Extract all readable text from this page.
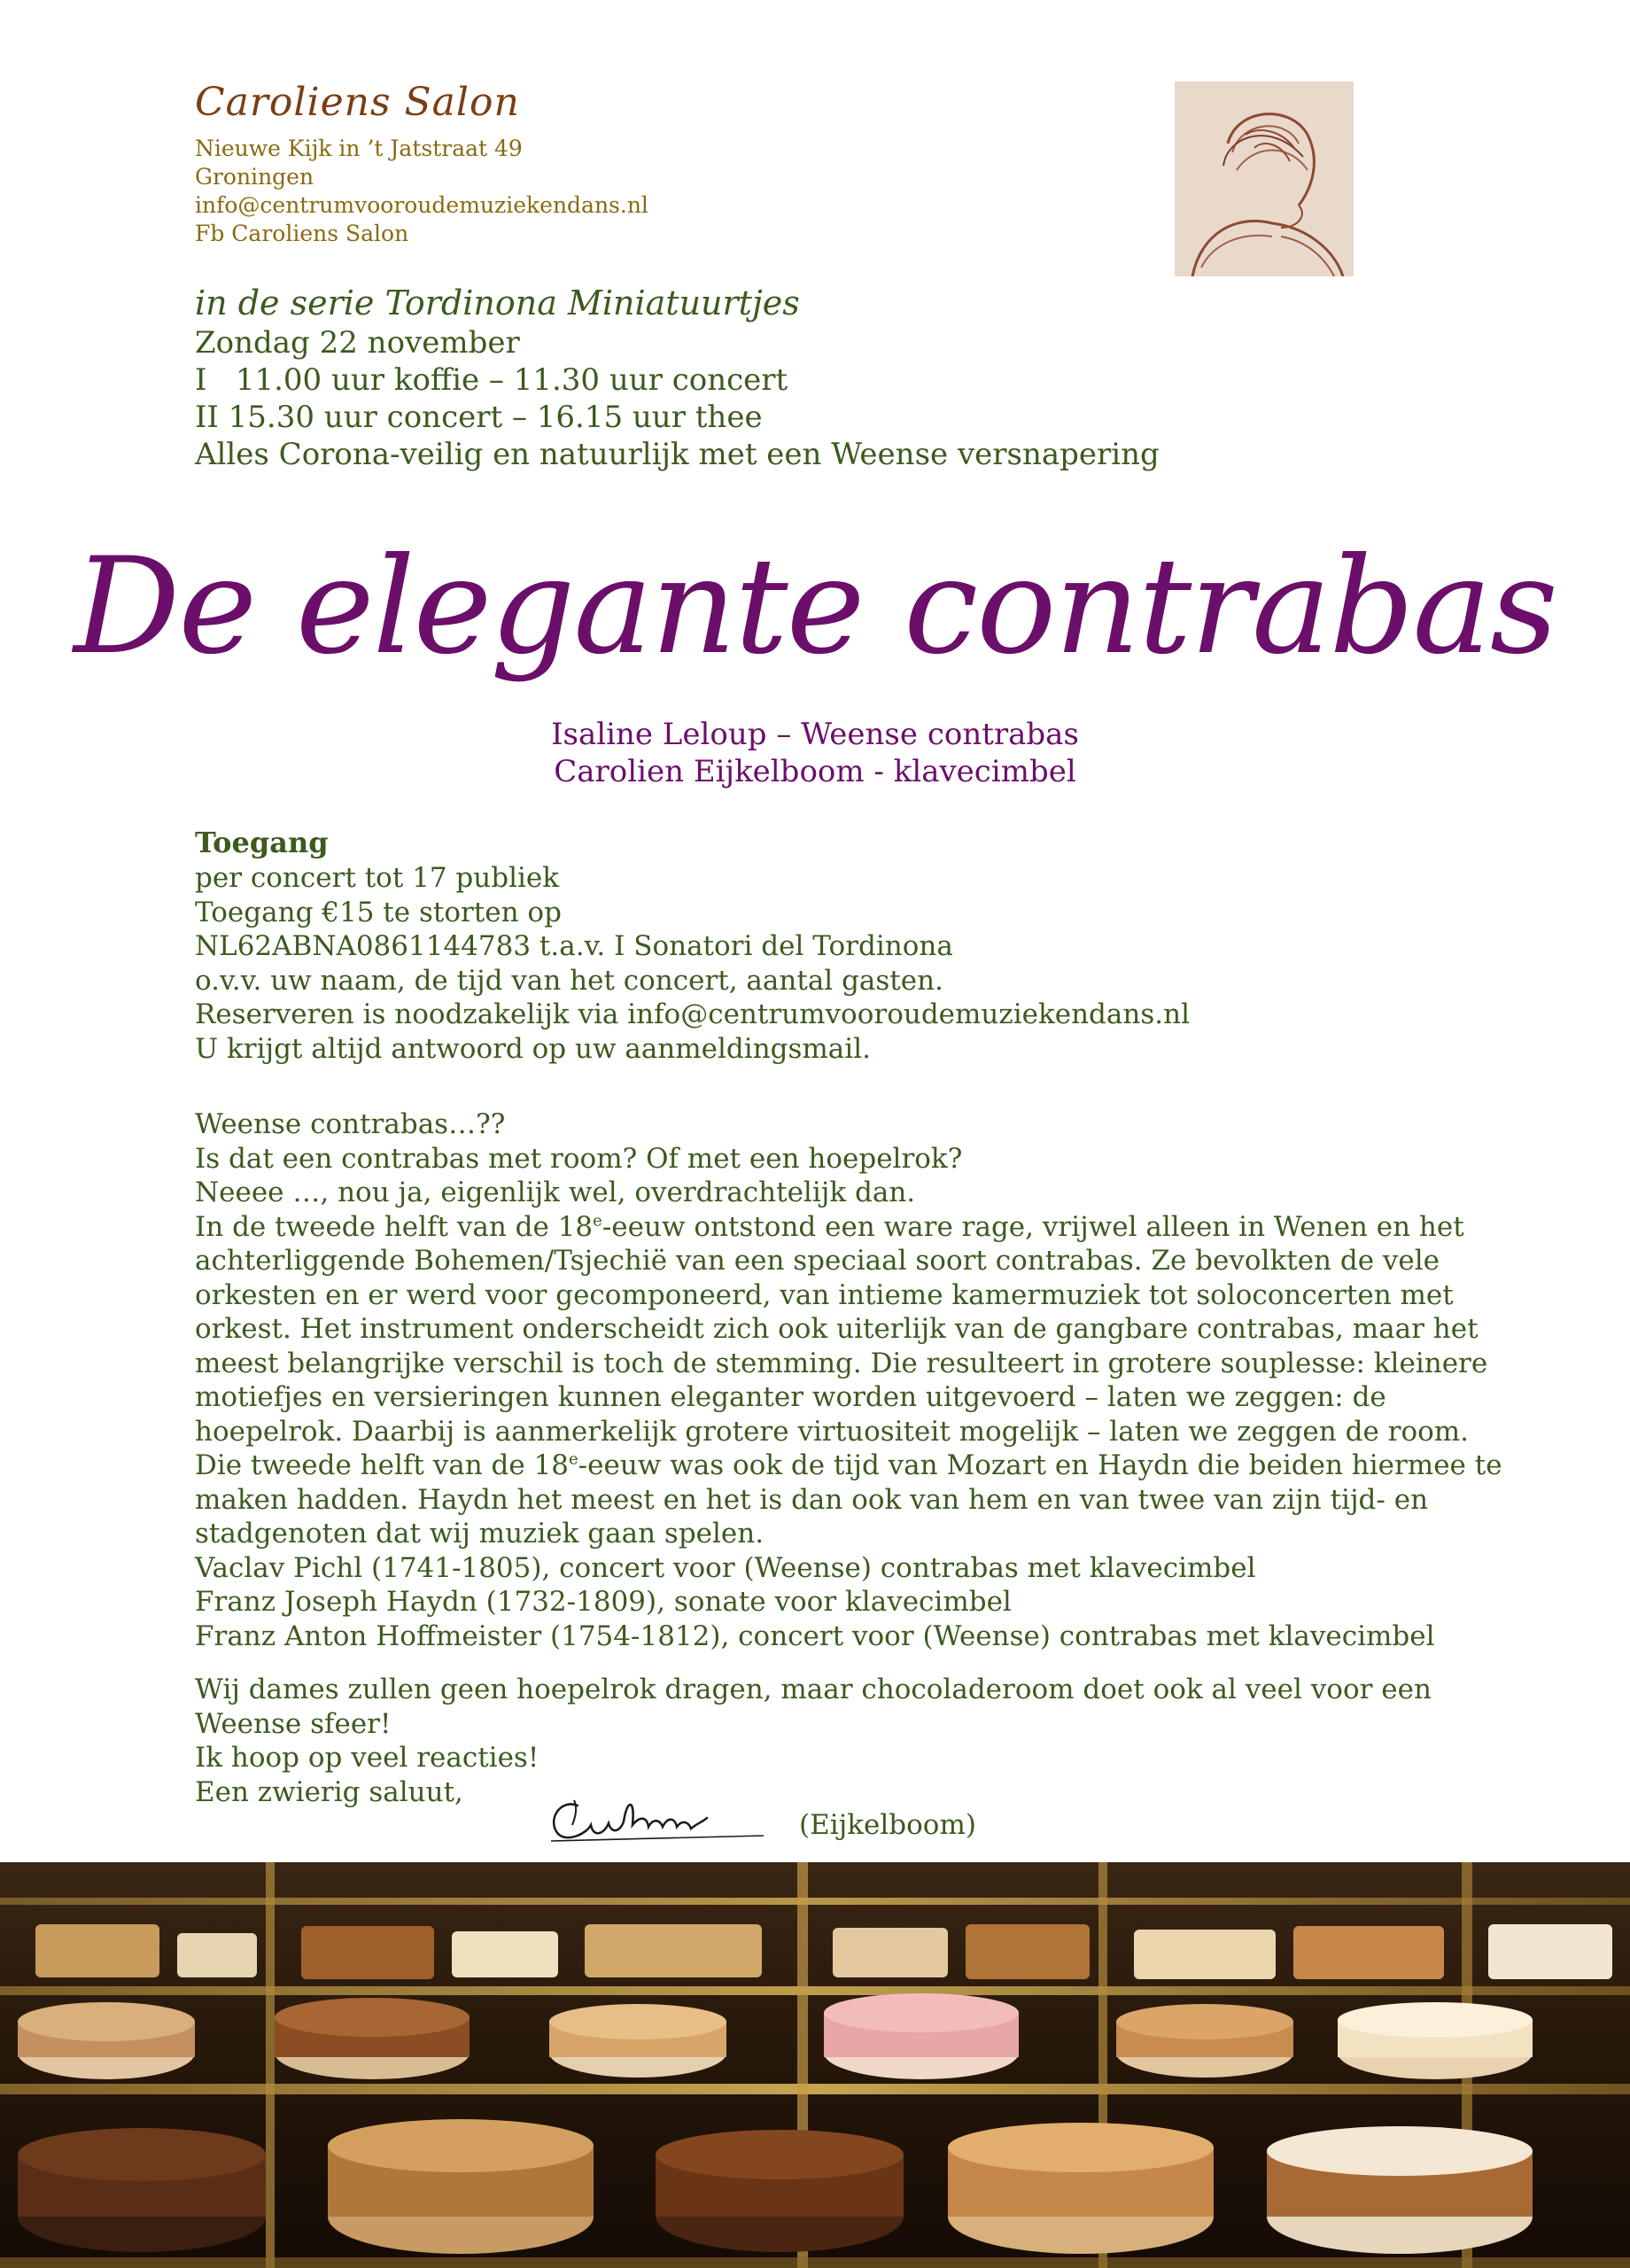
Caroliens Salon
Nieuwe Kijk in ’t Jatstraat 49
Groningen
info@centrumvooroudemuziekendans.nl
Fb Caroliens Salon
in de serie Tordinona Miniatuurtjes
Zondag 22 november
I   11.00 uur koffie – 11.30 uur concert
II 15.30 uur concert – 16.15 uur thee
Alles Corona-veilig en natuurlijk met een Weense versnapering
De elegante contrabas
Isaline Leloup – Weense contrabas
Carolien Eijkelboom - klavecimbel
Toegang
per concert tot 17 publiek
Toegang €15 te storten op
NL62ABNA0861144783 t.a.v. I Sonatori del Tordinona
o.v.v. uw naam, de tijd van het concert, aantal gasten.
Reserveren is noodzakelijk via info@centrumvooroudemuziekendans.nl
U krijgt altijd antwoord op uw aanmeldingsmail.
Weense contrabas…??
Is dat een contrabas met room? Of met een hoepelrok?
Neeee …, nou ja, eigenlijk wel, overdrachtelijk dan.
In de tweede helft van de 18e-eeuw ontstond een ware rage, vrijwel alleen in Wenen en het
achterliggende Bohemen/Tsjechië van een speciaal soort contrabas. Ze bevolkten de vele
orkesten en er werd voor gecomponeerd, van intieme kamermuziek tot soloconcerten met
orkest. Het instrument onderscheidt zich ook uiterlijk van de gangbare contrabas, maar het
meest belangrijke verschil is toch de stemming. Die resulteert in grotere souplesse: kleinere
motiefjes en versieringen kunnen eleganter worden uitgevoerd – laten we zeggen: de
hoepelrok. Daarbij is aanmerkelijk grotere virtuositeit mogelijk – laten we zeggen de room.
Die tweede helft van de 18e-eeuw was ook de tijd van Mozart en Haydn die beiden hiermee te
maken hadden. Haydn het meest en het is dan ook van hem en van twee van zijn tijd- en
stadgenoten dat wij muziek gaan spelen.
Vaclav Pichl (1741-1805), concert voor (Weense) contrabas met klavecimbel
Franz Joseph Haydn (1732-1809), sonate voor klavecimbel
Franz Anton Hoffmeister (1754-1812), concert voor (Weense) contrabas met klavecimbel
Wij dames zullen geen hoepelrok dragen, maar chocoladeroom doet ook al veel voor een
Weense sfeer!
Ik hoop op veel reacties!
Een zwierig saluut,
(Eijkelboom)
